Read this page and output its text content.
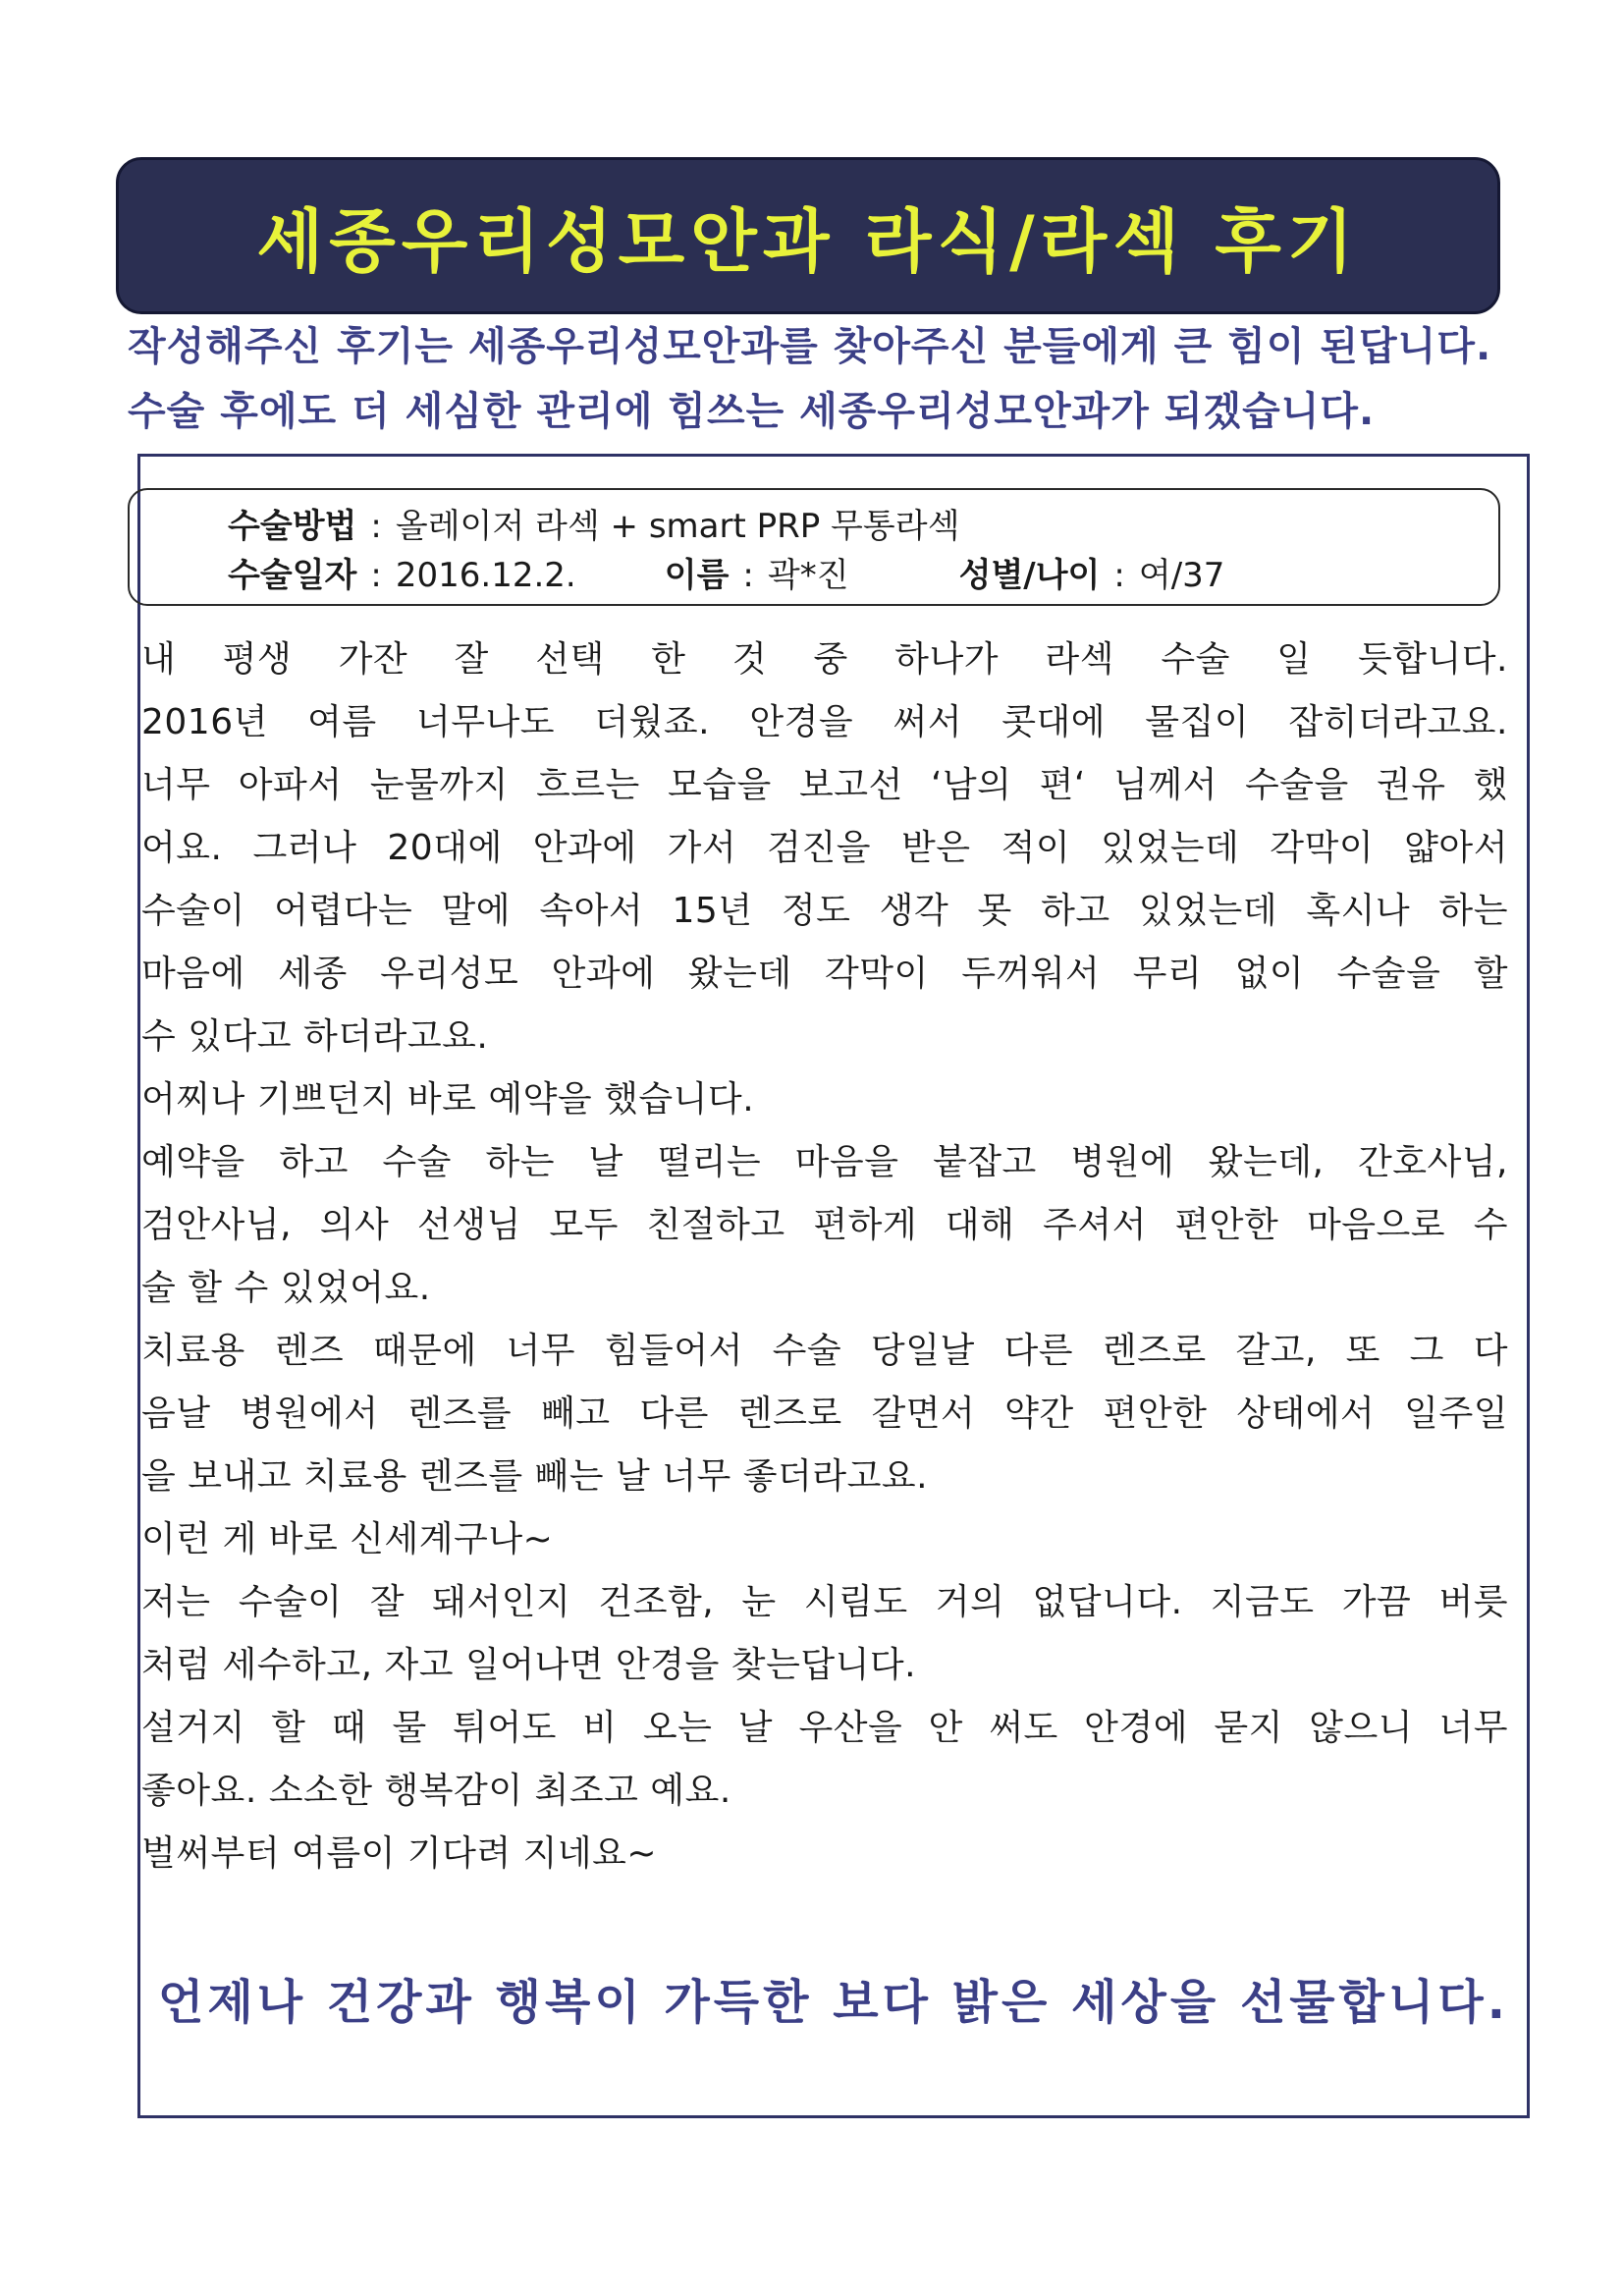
세종우리성모안과 라식/라섹 후기
작성해주신 후기는 세종우리성모안과를 찾아주신 분들에게 큰 힘이 된답니다.
수술 후에도 더 세심한 관리에 힘쓰는 세종우리성모안과가 되겠습니다.
수술방법 : 올레이저 라섹 + smart PRP 무통라섹
수술일자 : 2016.12.2.	이름 : 곽*진	성별/나이 : 여/37
내 평생 가잔 잘 선택 한 것 중 하나가 라섹 수술 일 듯합니다.
2016년 여름 너무나도 더웠죠. 안경을 써서 콧대에 물집이 잡히더라고요.
너무 아파서 눈물까지 흐르는 모습을 보고선 ‘남의 편‘ 님께서 수술을 권유 했
어요. 그러나 20대에 안과에 가서 검진을 받은 적이 있었는데 각막이 얇아서
수술이 어렵다는 말에 속아서 15년 정도 생각 못 하고 있었는데 혹시나 하는
마음에 세종 우리성모 안과에 왔는데 각막이 두꺼워서 무리 없이 수술을 할
수 있다고 하더라고요.
어찌나 기쁘던지 바로 예약을 했습니다.
예약을 하고 수술 하는 날 떨리는 마음을 붙잡고 병원에 왔는데, 간호사님,
검안사님, 의사 선생님 모두 친절하고 편하게 대해 주셔서 편안한 마음으로 수
술 할 수 있었어요.
치료용 렌즈 때문에 너무 힘들어서 수술 당일날 다른 렌즈로 갈고, 또 그 다
음날 병원에서 렌즈를 빼고 다른 렌즈로 갈면서 약간 편안한 상태에서 일주일
을 보내고 치료용 렌즈를 빼는 날 너무 좋더라고요.
이런 게 바로 신세계구나~
저는 수술이 잘 돼서인지 건조함, 눈 시림도 거의 없답니다. 지금도 가끔 버릇
처럼 세수하고, 자고 일어나면 안경을 찾는답니다.
설거지 할 때 물 튀어도 비 오는 날 우산을 안 써도 안경에 묻지 않으니 너무
좋아요. 소소한 행복감이 최조고 예요.
벌써부터 여름이 기다려 지네요~
언제나 건강과 행복이 가득한 보다 밝은 세상을 선물합니다.
